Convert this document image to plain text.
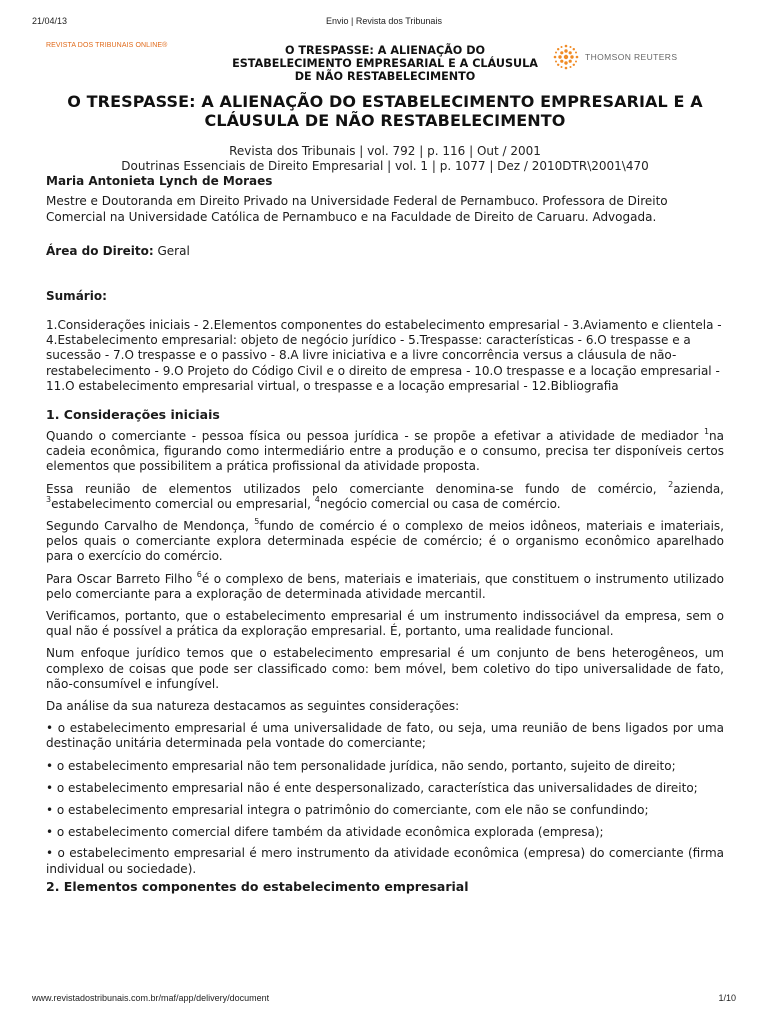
21/04/13	Envio | Revista dos Tribunais
REVISTA DOS TRIBUNAIS ONLINE®	O TRESPASSE: A ALIENAÇÃO DO
ESTABELECIMENTO EMPRESARIAL E A CLÁUSULA
DE NÃO RESTABELECIMENTO
THOMSON REUTERS
O TRESPASSE: A ALIENAÇÃO DO ESTABELECIMENTO EMPRESARIAL E A
CLÁUSULA DE NÃO RESTABELECIMENTO
Revista dos Tribunais | vol. 792 | p. 116 | Out / 2001
Doutrinas Essenciais de Direito Empresarial | vol. 1 | p. 1077 | Dez / 2010DTR\2001\470
Maria Antonieta Lynch de Moraes
Mestre e Doutoranda em Direito Privado na Universidade Federal de Pernambuco. Professora de Direito Comercial na Universidade Católica de Pernambuco e na Faculdade de Direito de Caruaru. Advogada.
Área do Direito: Geral
Sumário:
1.Considerações iniciais - 2.Elementos componentes do estabelecimento empresarial - 3.Aviamento e clientela - 4.Estabelecimento empresarial: objeto de negócio jurídico - 5.Trespasse: características - 6.O trespasse e a sucessão - 7.O trespasse e o passivo - 8.A livre iniciativa e a livre concorrência versus a cláusula de não-restabelecimento - 9.O Projeto do Código Civil e o direito de empresa - 10.O trespasse e a locação empresarial - 11.O estabelecimento empresarial virtual, o trespasse e a locação empresarial - 12.Bibliografia
1. Considerações iniciais

Quando o comerciante - pessoa física ou pessoa jurídica - se propõe a efetivar a atividade de mediador $^1$na cadeia econômica, figurando como intermediário entre a produção e o consumo, precisa ter disponíveis certos elementos que possibilitem a prática profissional da atividade proposta.

Essa reunião de elementos utilizados pelo comerciante denomina-se fundo de comércio, $^2$azienda, $^3$estabelecimento comercial ou empresarial, $^4$negócio comercial ou casa de comércio.

Segundo Carvalho de Mendonça, $^5$fundo de comércio é o complexo de meios idôneos, materiais e imateriais, pelos quais o comerciante explora determinada espécie de comércio; é o organismo econômico aparelhado para o exercício do comércio.

Para Oscar Barreto Filho $^6$é o complexo de bens, materiais e imateriais, que constituem o instrumento utilizado pelo comerciante para a exploração de determinada atividade mercantil.

Verificamos, portanto, que o estabelecimento empresarial é um instrumento indissociável da empresa, sem o qual não é possível a prática da exploração empresarial. É, portanto, uma realidade funcional.

Num enfoque jurídico temos que o estabelecimento empresarial é um conjunto de bens heterogêneos, um complexo de coisas que pode ser classificado como: bem móvel, bem coletivo do tipo universalidade de fato, não-consumível e infungível.

Da análise da sua natureza destacamos as seguintes considerações:

• o estabelecimento empresarial é uma universalidade de fato, ou seja, uma reunião de bens ligados por uma destinação unitária determinada pela vontade do comerciante;

• o estabelecimento empresarial não tem personalidade jurídica, não sendo, portanto, sujeito de direito;

• o estabelecimento empresarial não é ente despersonalizado, característica das universalidades de direito;

• o estabelecimento empresarial integra o patrimônio do comerciante, com ele não se confundindo;

• o estabelecimento comercial difere também da atividade econômica explorada (empresa);

• o estabelecimento empresarial é mero instrumento da atividade econômica (empresa) do comerciante (firma individual ou sociedade).

2. Elementos componentes do estabelecimento empresarial
www.revistadostribunais.com.br/maf/app/delivery/document	1/10
